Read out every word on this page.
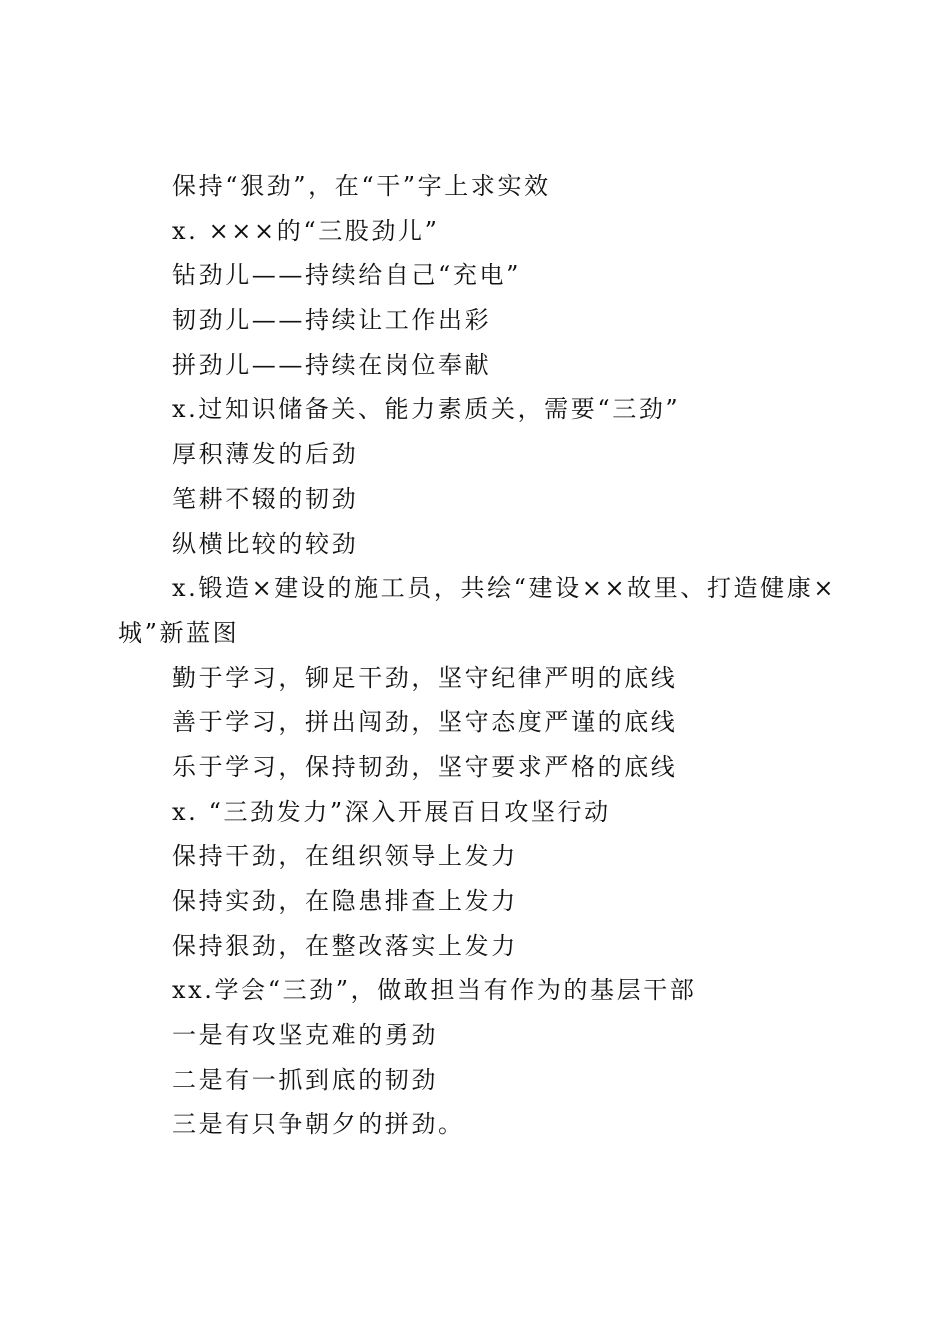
保持“狠劲”，在“干”字上求实效
x. ×××的“三股劲儿”
钻劲儿——持续给自己“充电”
韧劲儿——持续让工作出彩
拼劲儿——持续在岗位奉献
x.过知识储备关、能力素质关，需要“三劲”
厚积薄发的后劲
笔耕不辍的韧劲
纵横比较的较劲
x.锻造×建设的施工员，共绘“建设××故里、打造健康×
城”新蓝图
勤于学习，铆足干劲，坚守纪律严明的底线
善于学习，拼出闯劲，坚守态度严谨的底线
乐于学习，保持韧劲，坚守要求严格的底线
x. “三劲发力”深入开展百日攻坚行动
保持干劲，在组织领导上发力
保持实劲，在隐患排查上发力
保持狠劲，在整改落实上发力
xx.学会“三劲”，做敢担当有作为的基层干部
一是有攻坚克难的勇劲
二是有一抓到底的韧劲
三是有只争朝夕的拼劲。
